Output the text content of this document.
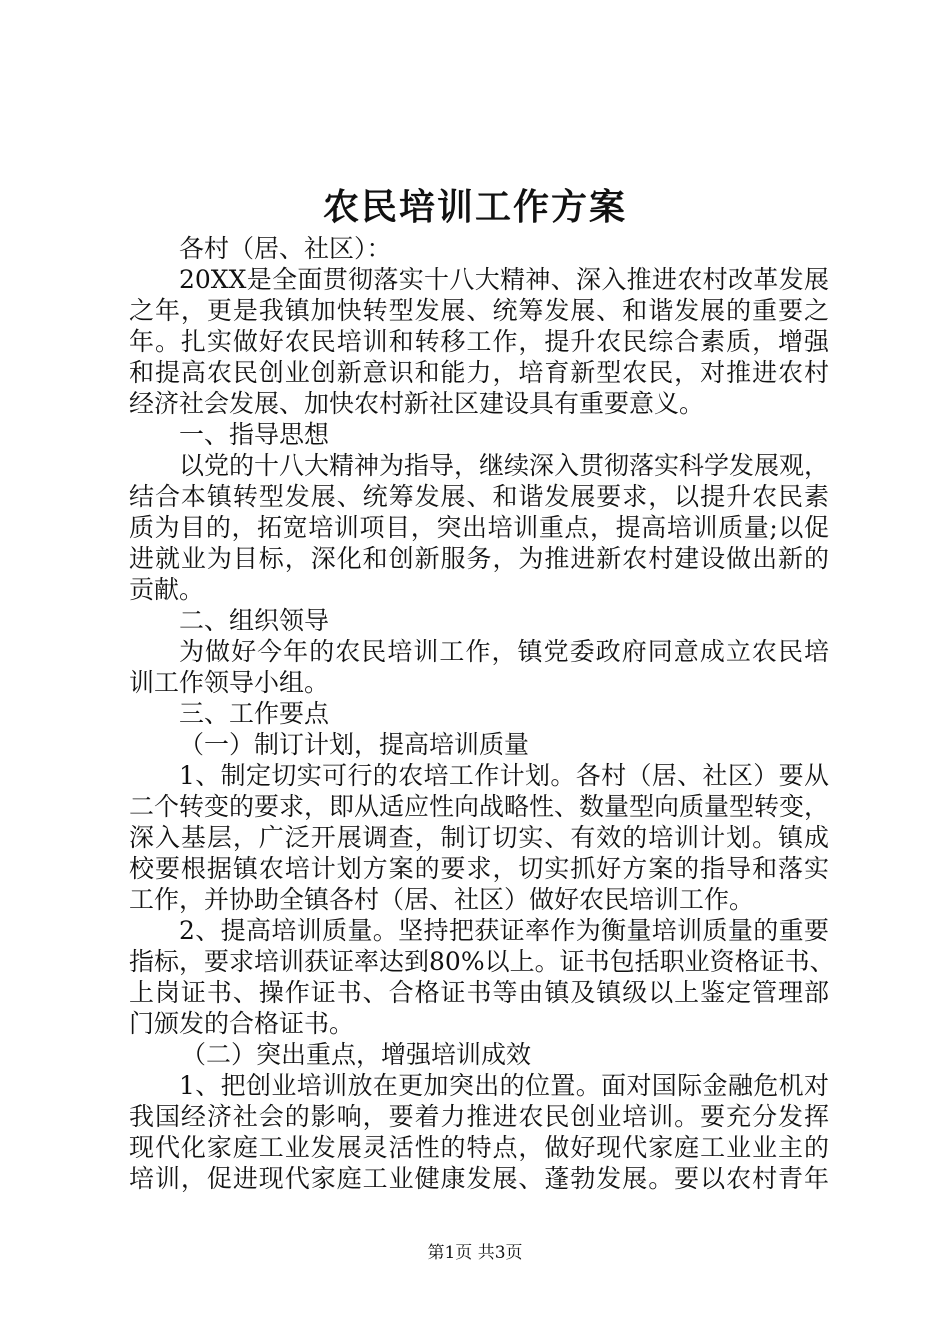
农民培训工作方案
各村（居、社区）：
20XX是全面贯彻落实十八大精神、深入推进农村改革发展
之年，更是我镇加快转型发展、统筹发展、和谐发展的重要之
年。扎实做好农民培训和转移工作，提升农民综合素质，增强
和提高农民创业创新意识和能力，培育新型农民，对推进农村
经济社会发展、加快农村新社区建设具有重要意义。
一、指导思想
以党的十八大精神为指导，继续深入贯彻落实科学发展观，
结合本镇转型发展、统筹发展、和谐发展要求，以提升农民素
质为目的，拓宽培训项目，突出培训重点，提高培训质量;以促
进就业为目标，深化和创新服务，为推进新农村建设做出新的
贡献。
二、组织领导
为做好今年的农民培训工作，镇党委政府同意成立农民培
训工作领导小组。
三、工作要点
（一）制订计划，提高培训质量
1、制定切实可行的农培工作计划。各村（居、社区）要从
二个转变的要求，即从适应性向战略性、数量型向质量型转变，
深入基层，广泛开展调查，制订切实、有效的培训计划。镇成
校要根据镇农培计划方案的要求，切实抓好方案的指导和落实
工作，并协助全镇各村（居、社区）做好农民培训工作。
2、提高培训质量。坚持把获证率作为衡量培训质量的重要
指标，要求培训获证率达到80%以上。证书包括职业资格证书、
上岗证书、操作证书、合格证书等由镇及镇级以上鉴定管理部
门颁发的合格证书。
（二）突出重点，增强培训成效
1、把创业培训放在更加突出的位置。面对国际金融危机对
我国经济社会的影响，要着力推进农民创业培训。要充分发挥
现代化家庭工业发展灵活性的特点，做好现代家庭工业业主的
培训，促进现代家庭工业健康发展、蓬勃发展。要以农村青年
第1页 共3页
